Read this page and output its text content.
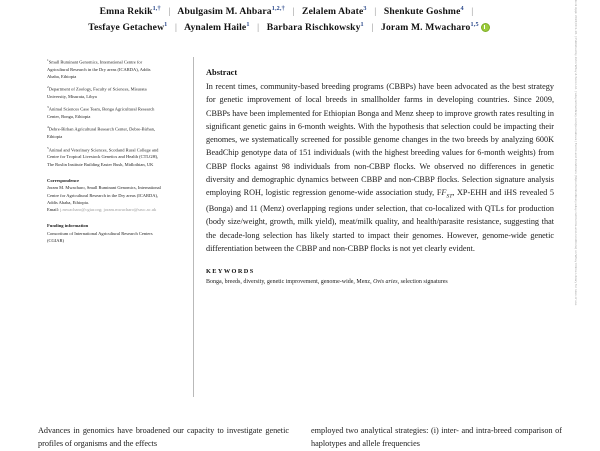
Emna Rekik$^{1,\dagger}$ | Abulgasim M. Ahbara$^{1,2,\dagger}$ | Zelalem Abate$^3$ | Shenkute Goshme$^4$ |
Tesfaye Getachew$^1$ | Aynalem Haile$^1$ | Barbara Rischkowsky$^1$ | Joram M. Mwacharo$^{1,5}$

$^1$Small Ruminant Genomics, International Centre for Agricultural Research in the Dry areas (ICARDA), Addis Ababa, Ethiopia

$^2$Department of Zoology, Faculty of Sciences, Misurata University, Misurata, Libya

$^3$Animal Sciences Case Team, Bonga Agricultural Research Center, Bonga, Ethiopia

$^4$Debre-Birhan Agricultural Research Center, Debre-Birhan, Ethiopia

$^5$Animal and Veterinary Sciences, Scotland Rural College and Centre for Tropical Livestock Genetics and Health (CTLGH), The Roslin Institute Building Easter Bush, Midlothian, UK

Correspondence

Joram M. Mwacharo, Small Ruminant Genomics, International Centre for Agricultural Research in the Dry areas (ICARDA), Addis Ababa, Ethiopia.

Email: j.mwacharo@cgiar.org; joram.mwacharo@sruc.ac.uk

Funding information

Consortium of International Agricultural Research Centers (CGIAR)

Abstract

In recent times, community-based breeding programs (CBBPs) have been advocated as the best strategy for genetic improvement of local breeds in smallholder farms in developing countries. Since 2009, CBBPs have been implemented for Ethiopian Bonga and Menz sheep to improve growth rates resulting in significant genetic gains in 6-month weights. With the hypothesis that selection could be impacting their genomes, we systematically screened for possible genome changes in the two breeds by analyzing 600K BeadChip genotype data of 151 individuals (with the highest breeding values for 6-month weights) from CBBP flocks against 98 individuals from non-CBBP flocks. We observed no differences in genetic diversity and demographic dynamics between CBBP and non-CBBP flocks. Selection signature analysis employing ROH, logistic regression genome-wide association study, $FF_{ST}$, XP-EHH and iHS revealed 5 (Bonga) and 11 (Menz) overlapping regions under selection, that co-localized with QTLs for production (body size/weight, growth, milk yield), meat/milk quality, and health/parasite resistance, suggesting that the decade-long selection has likely started to impact their genomes. However, genome-wide genetic differentiation between the CBBP and non-CBBP flocks is not yet clearly evident.

KEYWORDS

Bonga, breeds, diversity, genetic improvement, genome-wide, Menz, Ovis aries, selection signatures

Advances in genomics have broadened our capacity to investigate genetic profiles of organisms and the effects

employed two analytical strategies: (i) inter- and intra-breed comparison of haplotypes and allele frequencies

Evol Appl. 2024;00:1-18. | Published by John Wiley & Sons Ltd. | wileyonlinelibrary.com/journal/eva | Terms and Conditions (https://onlinelibrary.wiley.com/terms-and-conditions) on Wiley Online Library for rules of use
